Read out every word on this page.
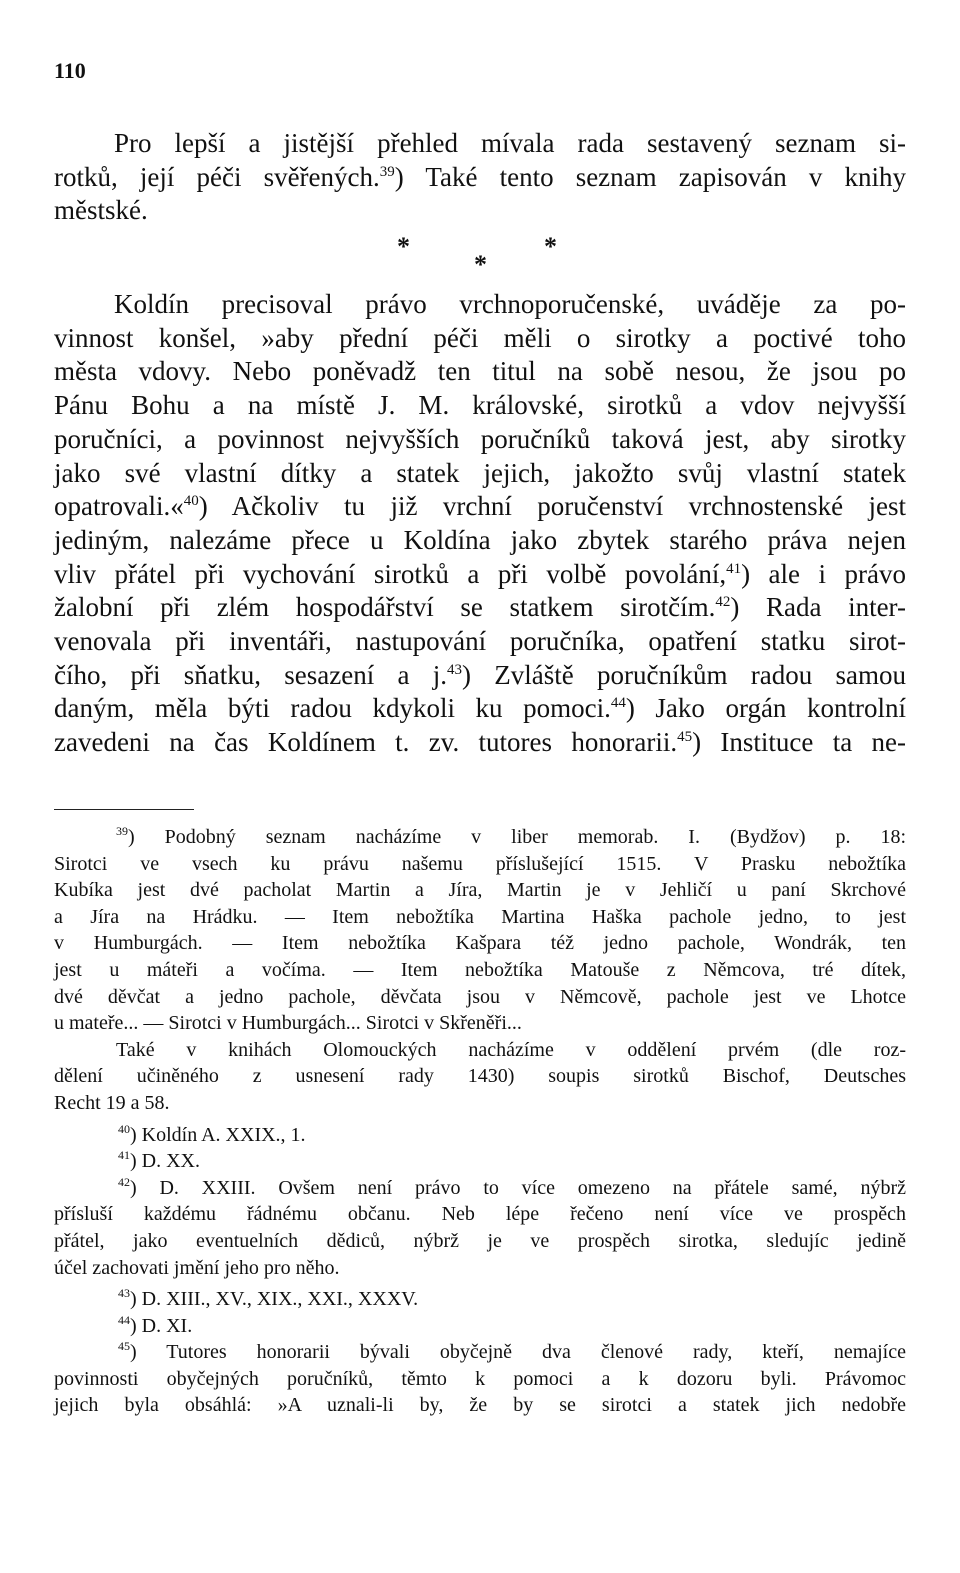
110
Pro lepší a jistější přehled mívala rada sestavený seznam si-
rotků, její péči svěřených.$^{39}$) Také tento seznam zapisován v knihy
městské.
*
*
*
Koldín precisoval právo vrchnoporučenské, uváděje za po-
vinnost konšel, »aby přední péči měli o sirotky a poctivé toho
města vdovy. Nebo poněvadž ten titul na sobě nesou, že jsou po
Pánu Bohu a na místě J. M. královské, sirotků a vdov nejvyšší
poručníci, a povinnost nejvyšších poručníků taková jest, aby sirotky
jako své vlastní dítky a statek jejich, jakožto svůj vlastní statek
opatrovali.«$^{40}$) Ačkoliv tu již vrchní poručenství vrchnostenské jest
jediným, nalezáme přece u Koldína jako zbytek starého práva nejen
vliv přátel při vychování sirotků a při volbě povolání,$^{41}$) ale i právo
žalobní při zlém hospodářství se statkem sirotčím.$^{42}$) Rada inter-
venovala při inventáři, nastupování poručníka, opatření statku sirot-
čího, při sňatku, sesazení a j.$^{43}$) Zvláště poručníkům radou samou
daným, měla býti radou kdykoli ku pomoci.$^{44}$) Jako orgán kontrolní
zavedeni na čas Koldínem t. zv. tutores honorarii.$^{45}$) Instituce ta ne-
$^{39}$) Podobný seznam nacházíme v liber memorab. I. (Bydžov) p. 18:
Sirotci ve vsech ku právu našemu příslušející 1515. V Prasku nebožtíka
Kubíka jest dvé pacholat Martin a Jíra, Martin je v Jehličí u paní Skrchové
a Jíra na Hrádku. — Item nebožtíka Martina Haška pachole jedno, to jest
v Humburgách. — Item nebožtíka Kašpara též jedno pachole, Wondrák, ten
jest u máteři a vočíma. — Item nebožtíka Matouše z Němcova, tré dítek,
dvé děvčat a jedno pachole, děvčata jsou v Němcově, pachole jest ve Lhotce
u mateře... — Sirotci v Humburgách... Sirotci v Skřeněři...
Také v knihách Olomouckých nacházíme v oddělení prvém (dle roz-
dělení učiněného z usnesení rady 1430) soupis sirotků Bischof, Deutsches
Recht 19 a 58.
$^{40}$) Koldín A. XXIX., 1.
$^{41}$) D. XX.
$^{42}$) D. XXIII. Ovšem není právo to více omezeno na přátele samé, nýbrž
přísluší každému řádnému občanu. Neb lépe řečeno není více ve prospěch
přátel, jako eventuelních dědiců, nýbrž je ve prospěch sirotka, sledujíc jedině
účel zachovati jmění jeho pro něho.
$^{43}$) D. XIII., XV., XIX., XXI., XXXV.
$^{44}$) D. XI.
$^{45}$) Tutores honorarii bývali obyčejně dva členové rady, kteří, nemajíce
povinnosti obyčejných poručníků, těmto k pomoci a k dozoru byli. Právomoc
jejich byla obsáhlá: »A uznali-li by, že by se sirotci a statek jich nedobře
